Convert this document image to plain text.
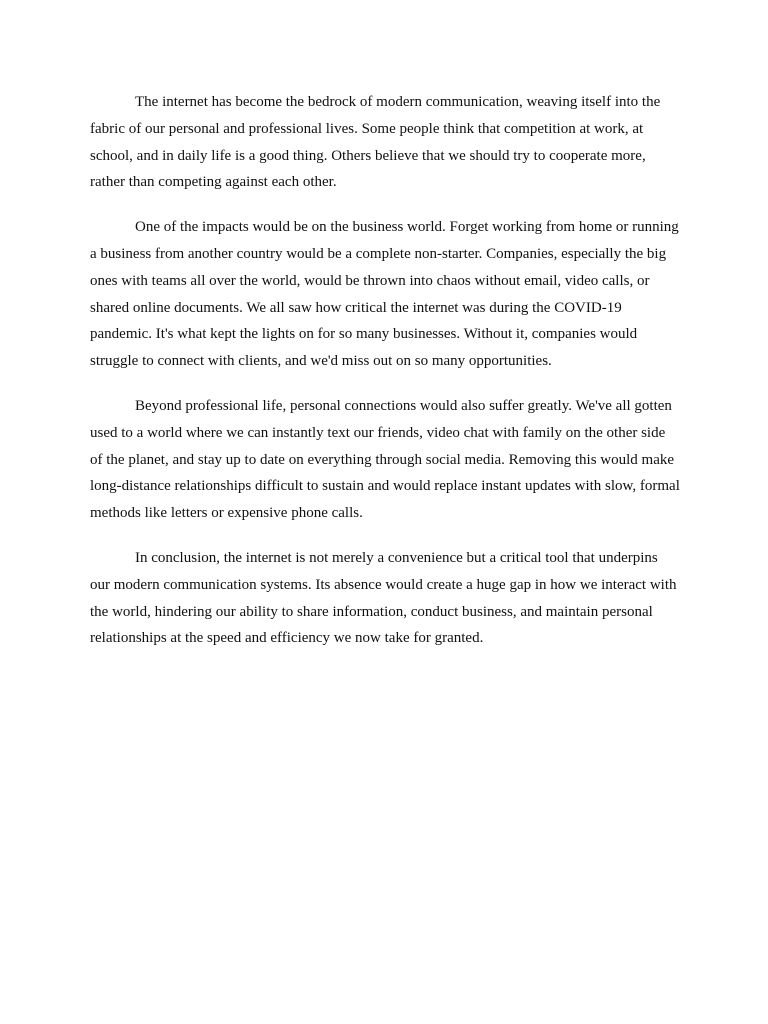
The internet has become the bedrock of modern communication, weaving itself into the fabric of our personal and professional lives. Some people think that competition at work, at school, and in daily life is a good thing. Others believe that we should try to cooperate more, rather than competing against each other.

One of the impacts would be on the business world. Forget working from home or running a business from another country would be a complete non-starter. Companies, especially the big ones with teams all over the world, would be thrown into chaos without email, video calls, or shared online documents. We all saw how critical the internet was during the COVID-19 pandemic. It's what kept the lights on for so many businesses. Without it, companies would struggle to connect with clients, and we'd miss out on so many opportunities.

Beyond professional life, personal connections would also suffer greatly. We've all gotten used to a world where we can instantly text our friends, video chat with family on the other side of the planet, and stay up to date on everything through social media. Removing this would make long-distance relationships difficult to sustain and would replace instant updates with slow, formal methods like letters or expensive phone calls.

In conclusion, the internet is not merely a convenience but a critical tool that underpins our modern communication systems. Its absence would create a huge gap in how we interact with the world, hindering our ability to share information, conduct business, and maintain personal relationships at the speed and efficiency we now take for granted.
